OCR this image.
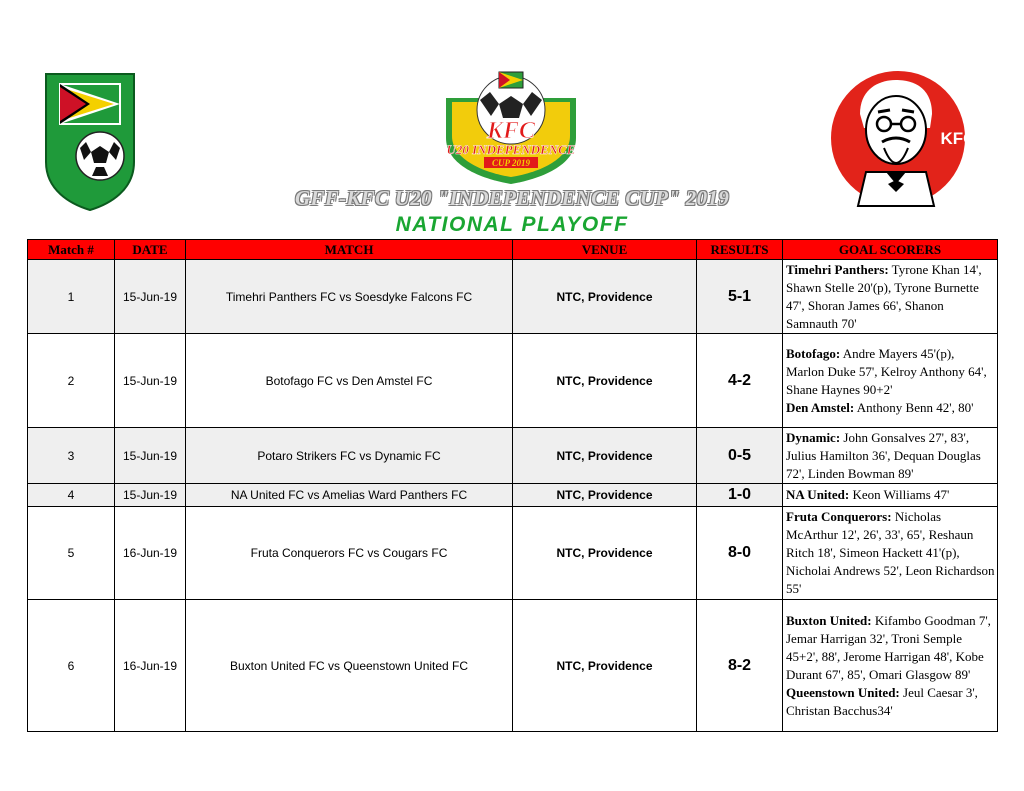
KFC
U20 INDEPENDENCE
CUP 2019
KFC
GFF-KFC U20 "INDEPENDENCE CUP" 2019
NATIONAL PLAYOFF
Match #	DATE	MATCH	VENUE	RESULTS	GOAL SCORERS
1	15-Jun-19	Timehri Panthers FC vs Soesdyke Falcons FC	NTC, Providence	5-1	Timehri Panthers: Tyrone Khan 14', Shawn Stelle 20'(p), Tyrone Burnette 47', Shoran James 66', Shanon Samnauth 70'

2	15-Jun-19	Botofago FC vs Den Amstel FC	NTC, Providence	4-2	Botofago: Andre Mayers 45'(p), Marlon Duke 57', Kelroy Anthony 64', Shane Haynes 90+2'
Den Amstel: Anthony Benn 42', 80'

3	15-Jun-19	Potaro Strikers FC vs Dynamic FC	NTC, Providence	0-5	Dynamic: John Gonsalves 27', 83', Julius Hamilton 36', Dequan Douglas 72', Linden Bowman 89'

4	15-Jun-19	NA United FC vs Amelias Ward Panthers FC	NTC, Providence	1-0	NA United: Keon Williams 47'

5	16-Jun-19	Fruta Conquerors FC vs Cougars FC	NTC, Providence	8-0	Fruta Conquerors: Nicholas McArthur 12', 26', 33', 65', Reshaun Ritch 18', Simeon Hackett 41'(p), Nicholai Andrews 52', Leon Richardson 55'

6	16-Jun-19	Buxton United FC vs Queenstown United FC	NTC, Providence	8-2	Buxton United: Kifambo Goodman 7', Jemar Harrigan 32', Troni Semple 45+2', 88', Jerome Harrigan 48', Kobe Durant 67', 85', Omari Glasgow 89'
Queenstown United: Jeul Caesar 3', Christan Bacchus34'
